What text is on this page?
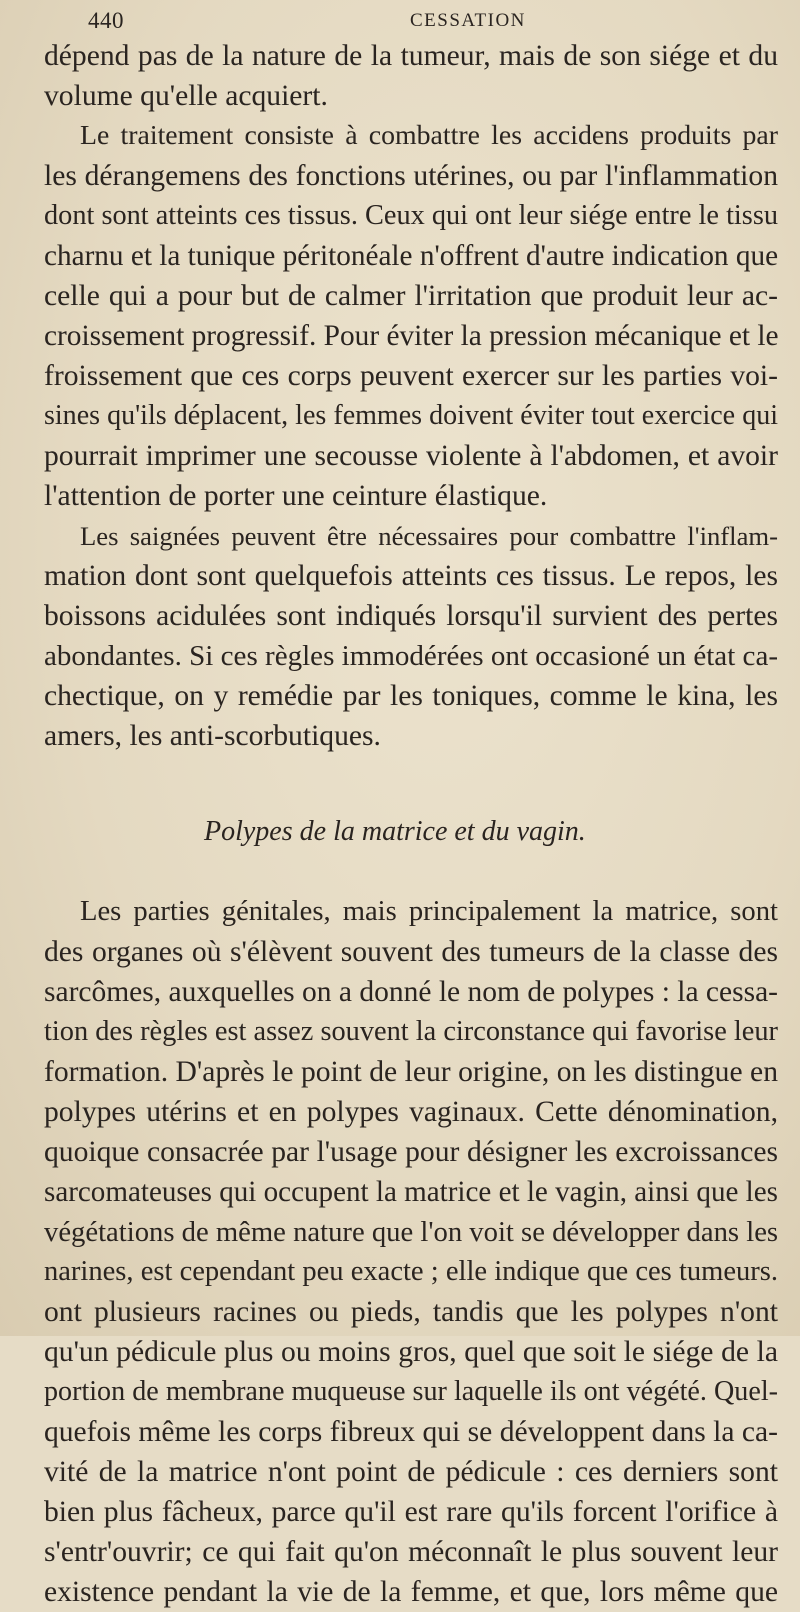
440	CESSATION
dépend pas de la nature de la tumeur, mais de son siége et du
volume qu'elle acquiert.
Le traitement consiste à combattre les accidens produits par
les dérangemens des fonctions utérines, ou par l'inflammation
dont sont atteints ces tissus. Ceux qui ont leur siége entre le tissu
charnu et la tunique péritonéale n'offrent d'autre indication que
celle qui a pour but de calmer l'irritation que produit leur ac-
croissement progressif. Pour éviter la pression mécanique et le
froissement que ces corps peuvent exercer sur les parties voi-
sines qu'ils déplacent, les femmes doivent éviter tout exercice qui
pourrait imprimer une secousse violente à l'abdomen, et avoir
l'attention de porter une ceinture élastique.
Les saignées peuvent être nécessaires pour combattre l'inflam-
mation dont sont quelquefois atteints ces tissus. Le repos, les
boissons acidulées sont indiqués lorsqu'il survient des pertes
abondantes. Si ces règles immodérées ont occasioné un état ca-
chectique, on y remédie par les toniques, comme le kina, les
amers, les anti-scorbutiques.
Polypes de la matrice et du vagin.
Les parties génitales, mais principalement la matrice, sont
des organes où s'élèvent souvent des tumeurs de la classe des
sarcômes, auxquelles on a donné le nom de polypes : la cessa-
tion des règles est assez souvent la circonstance qui favorise leur
formation. D'après le point de leur origine, on les distingue en
polypes utérins et en polypes vaginaux. Cette dénomination,
quoique consacrée par l'usage pour désigner les excroissances
sarcomateuses qui occupent la matrice et le vagin, ainsi que les
végétations de même nature que l'on voit se développer dans les
narines, est cependant peu exacte ; elle indique que ces tumeurs.
ont plusieurs racines ou pieds, tandis que les polypes n'ont
qu'un pédicule plus ou moins gros, quel que soit le siége de la
portion de membrane muqueuse sur laquelle ils ont végété. Quel-
quefois même les corps fibreux qui se développent dans la ca-
vité de la matrice n'ont point de pédicule : ces derniers sont
bien plus fâcheux, parce qu'il est rare qu'ils forcent l'orifice à
s'entr'ouvrir; ce qui fait qu'on méconnaît le plus souvent leur
existence pendant la vie de la femme, et que, lors même que
